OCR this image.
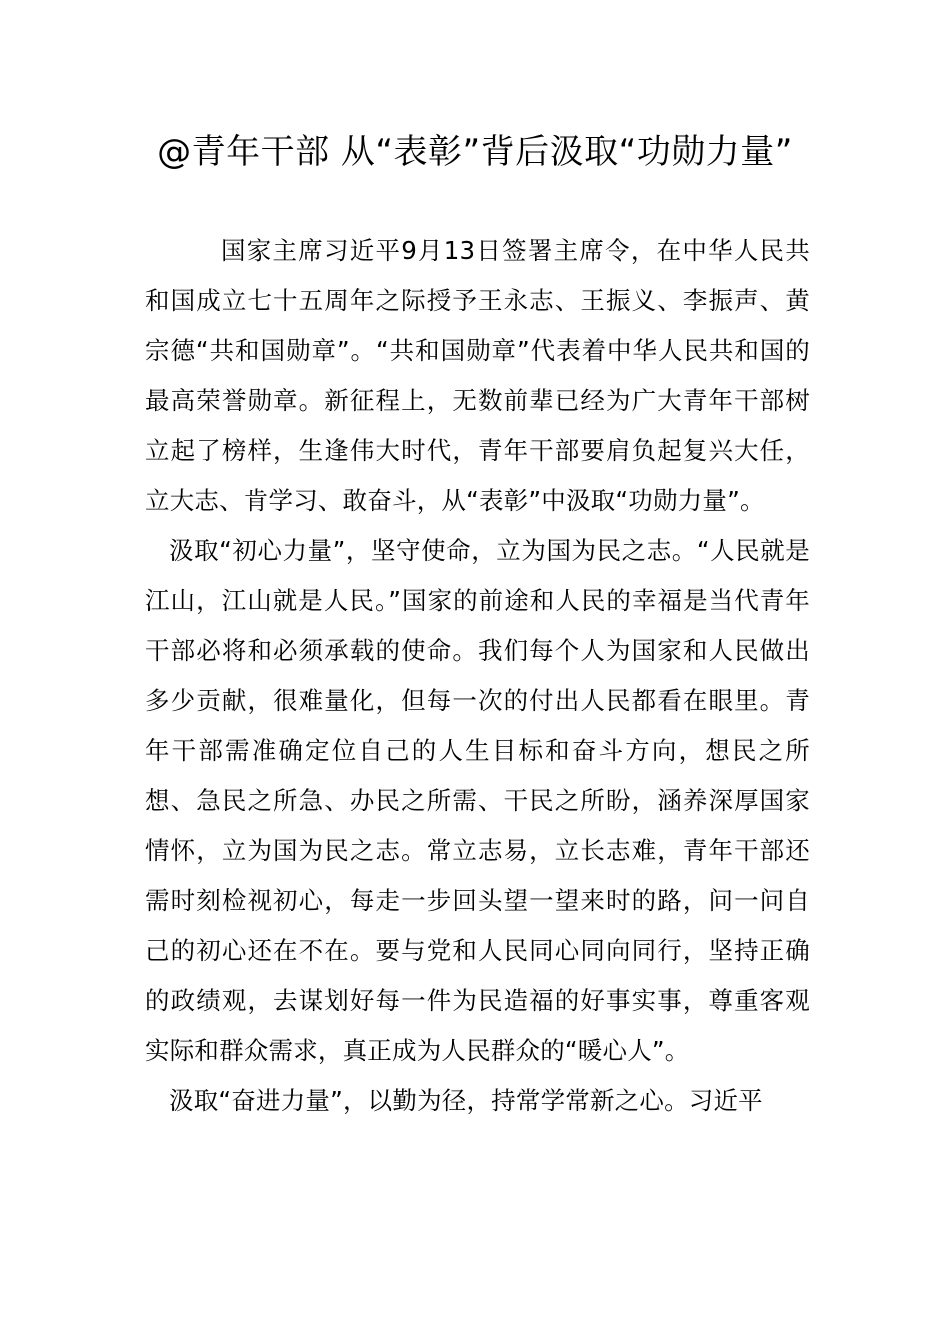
@青年干部 从“表彰”背后汲取“功勋力量”

国家主席习近平9月13日签署主席令，在中华人民共和国成立七十五周年之际授予王永志、王振义、李振声、黄宗德“共和国勋章”。“共和国勋章”代表着中华人民共和国的最高荣誉勋章。新征程上，无数前辈已经为广大青年干部树立起了榜样，生逢伟大时代，青年干部要肩负起复兴大任，立大志、肯学习、敢奋斗，从“表彰”中汲取“功勋力量”。

汲取“初心力量”，坚守使命，立为国为民之志。“人民就是江山，江山就是人民。”国家的前途和人民的幸福是当代青年干部必将和必须承载的使命。我们每个人为国家和人民做出多少贡献，很难量化，但每一次的付出人民都看在眼里。青年干部需准确定位自己的人生目标和奋斗方向，想民之所想、急民之所急、办民之所需、干民之所盼，涵养深厚国家情怀，立为国为民之志。常立志易，立长志难，青年干部还需时刻检视初心，每走一步回头望一望来时的路，问一问自己的初心还在不在。要与党和人民同心同向同行，坚持正确的政绩观，去谋划好每一件为民造福的好事实事，尊重客观实际和群众需求，真正成为人民群众的“暖心人”。

汲取“奋进力量”，以勤为径，持常学常新之心。习近平
